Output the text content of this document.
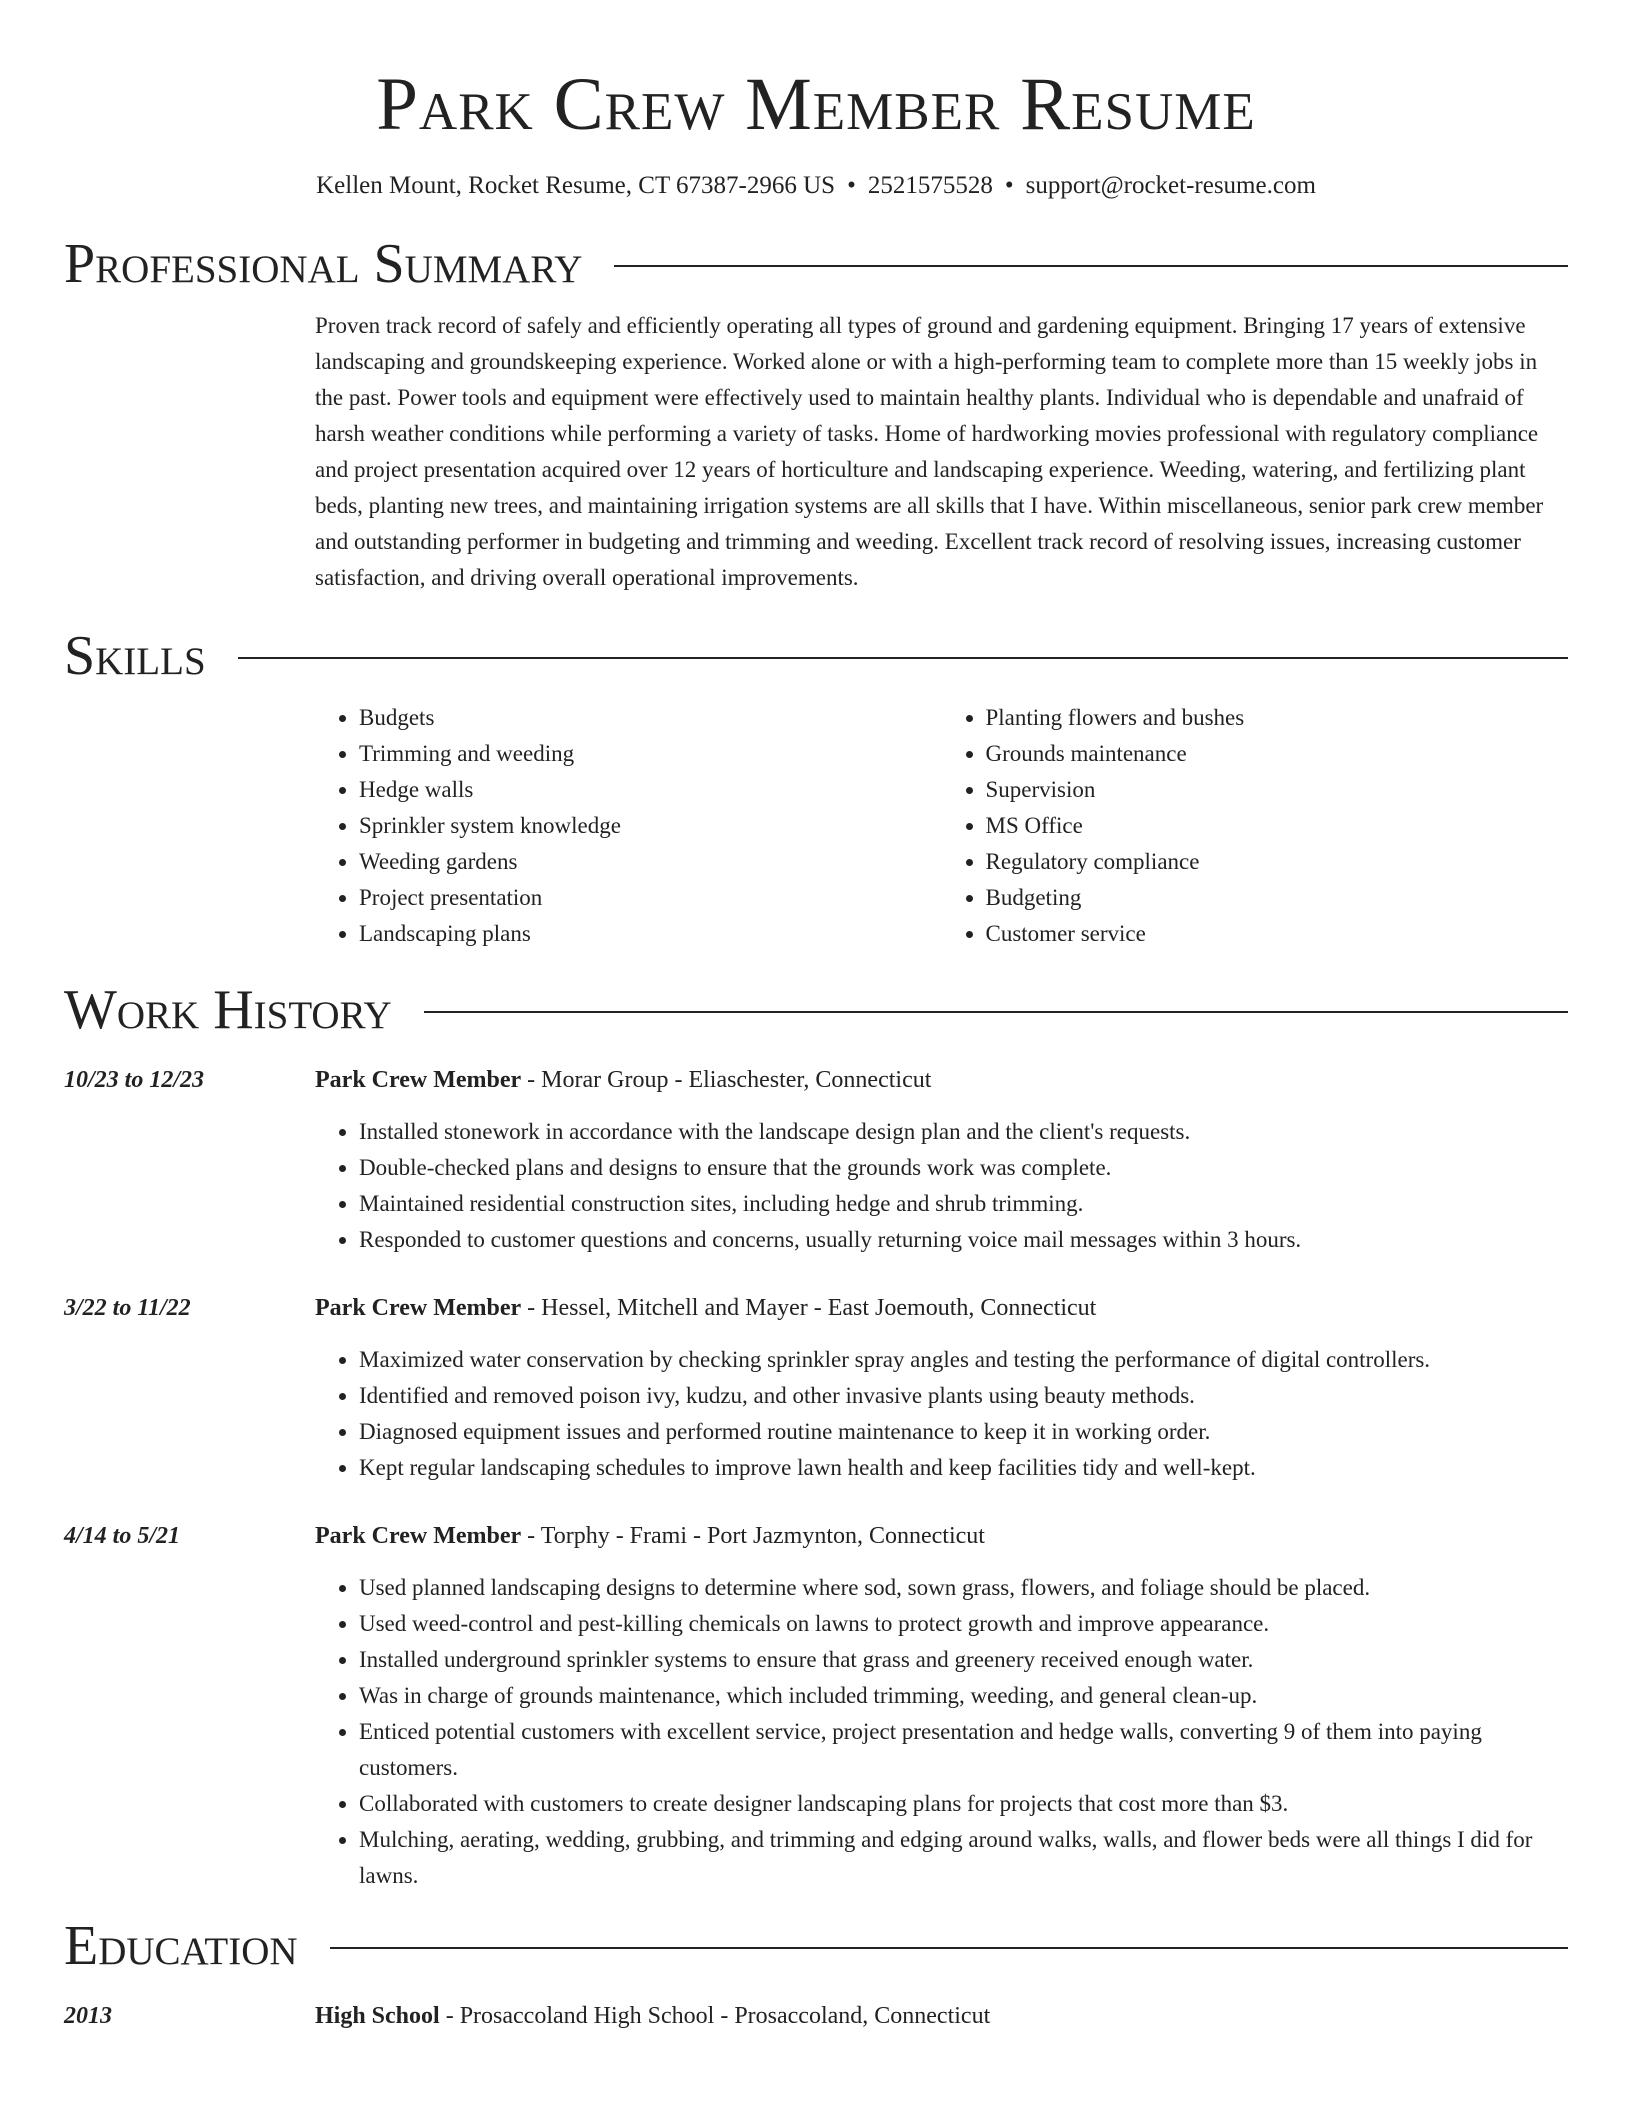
Park Crew Member Resume
Kellen Mount, Rocket Resume, CT 67387-2966 US • 2521575528 • support@rocket-resume.com
Professional Summary
Proven track record of safely and efficiently operating all types of ground and gardening equipment. Bringing 17 years of extensive landscaping and groundskeeping experience. Worked alone or with a high-performing team to complete more than 15 weekly jobs in the past. Power tools and equipment were effectively used to maintain healthy plants. Individual who is dependable and unafraid of harsh weather conditions while performing a variety of tasks. Home of hardworking movies professional with regulatory compliance and project presentation acquired over 12 years of horticulture and landscaping experience. Weeding, watering, and fertilizing plant beds, planting new trees, and maintaining irrigation systems are all skills that I have. Within miscellaneous, senior park crew member and outstanding performer in budgeting and trimming and weeding. Excellent track record of resolving issues, increasing customer satisfaction, and driving overall operational improvements.
Skills
• Budgets
• Trimming and weeding
• Hedge walls
• Sprinkler system knowledge
• Weeding gardens
• Project presentation
• Landscaping plans
• Planting flowers and bushes
• Grounds maintenance
• Supervision
• MS Office
• Regulatory compliance
• Budgeting
• Customer service
Work History
10/23 to 12/23	Park Crew Member - Morar Group - Eliaschester, Connecticut
• Installed stonework in accordance with the landscape design plan and the client's requests.
• Double-checked plans and designs to ensure that the grounds work was complete.
• Maintained residential construction sites, including hedge and shrub trimming.
• Responded to customer questions and concerns, usually returning voice mail messages within 3 hours.
3/22 to 11/22	Park Crew Member - Hessel, Mitchell and Mayer - East Joemouth, Connecticut
• Maximized water conservation by checking sprinkler spray angles and testing the performance of digital controllers.
• Identified and removed poison ivy, kudzu, and other invasive plants using beauty methods.
• Diagnosed equipment issues and performed routine maintenance to keep it in working order.
• Kept regular landscaping schedules to improve lawn health and keep facilities tidy and well-kept.
4/14 to 5/21	Park Crew Member - Torphy - Frami - Port Jazmynton, Connecticut
• Used planned landscaping designs to determine where sod, sown grass, flowers, and foliage should be placed.
• Used weed-control and pest-killing chemicals on lawns to protect growth and improve appearance.
• Installed underground sprinkler systems to ensure that grass and greenery received enough water.
• Was in charge of grounds maintenance, which included trimming, weeding, and general clean-up.
• Enticed potential customers with excellent service, project presentation and hedge walls, converting 9 of them into paying customers.
• Collaborated with customers to create designer landscaping plans for projects that cost more than $3.
• Mulching, aerating, wedding, grubbing, and trimming and edging around walks, walls, and flower beds were all things I did for lawns.
Education
2013	High School - Prosaccoland High School - Prosaccoland, Connecticut
